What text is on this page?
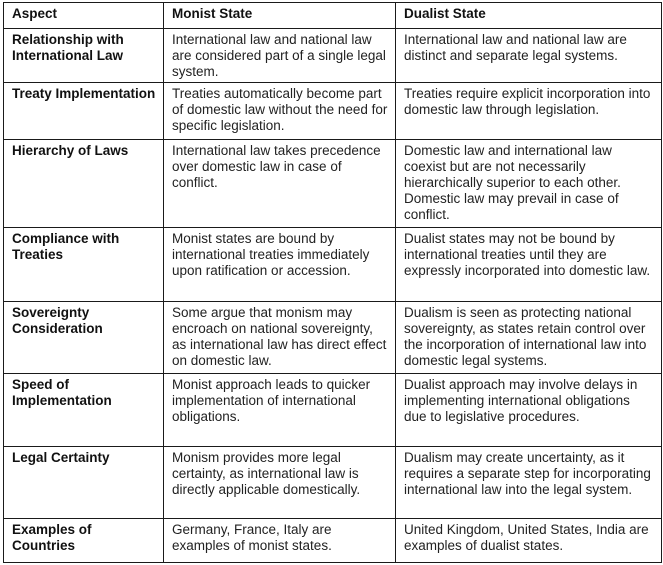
Aspect	Monist State	Dualist State
Relationship with International Law	International law and national law are considered part of a single legal system.	International law and national law are distinct and separate legal systems.
Treaty Implementation	Treaties automatically become part of domestic law without the need for specific legislation.	Treaties require explicit incorporation into domestic law through legislation.
Hierarchy of Laws	International law takes precedence over domestic law in case of conflict.	Domestic law and international law coexist but are not necessarily hierarchically superior to each other. Domestic law may prevail in case of conflict.
Compliance with Treaties	Monist states are bound by international treaties immediately upon ratification or accession.	Dualist states may not be bound by international treaties until they are expressly incorporated into domestic law.
Sovereignty Consideration	Some argue that monism may encroach on national sovereignty, as international law has direct effect on domestic law.	Dualism is seen as protecting national sovereignty, as states retain control over the incorporation of international law into domestic legal systems.
Speed of Implementation	Monist approach leads to quicker implementation of international obligations.	Dualist approach may involve delays in implementing international obligations due to legislative procedures.
Legal Certainty	Monism provides more legal certainty, as international law is directly applicable domestically.	Dualism may create uncertainty, as it requires a separate step for incorporating international law into the legal system.
Examples of Countries	Germany, France, Italy are examples of monist states.	United Kingdom, United States, India are examples of dualist states.
